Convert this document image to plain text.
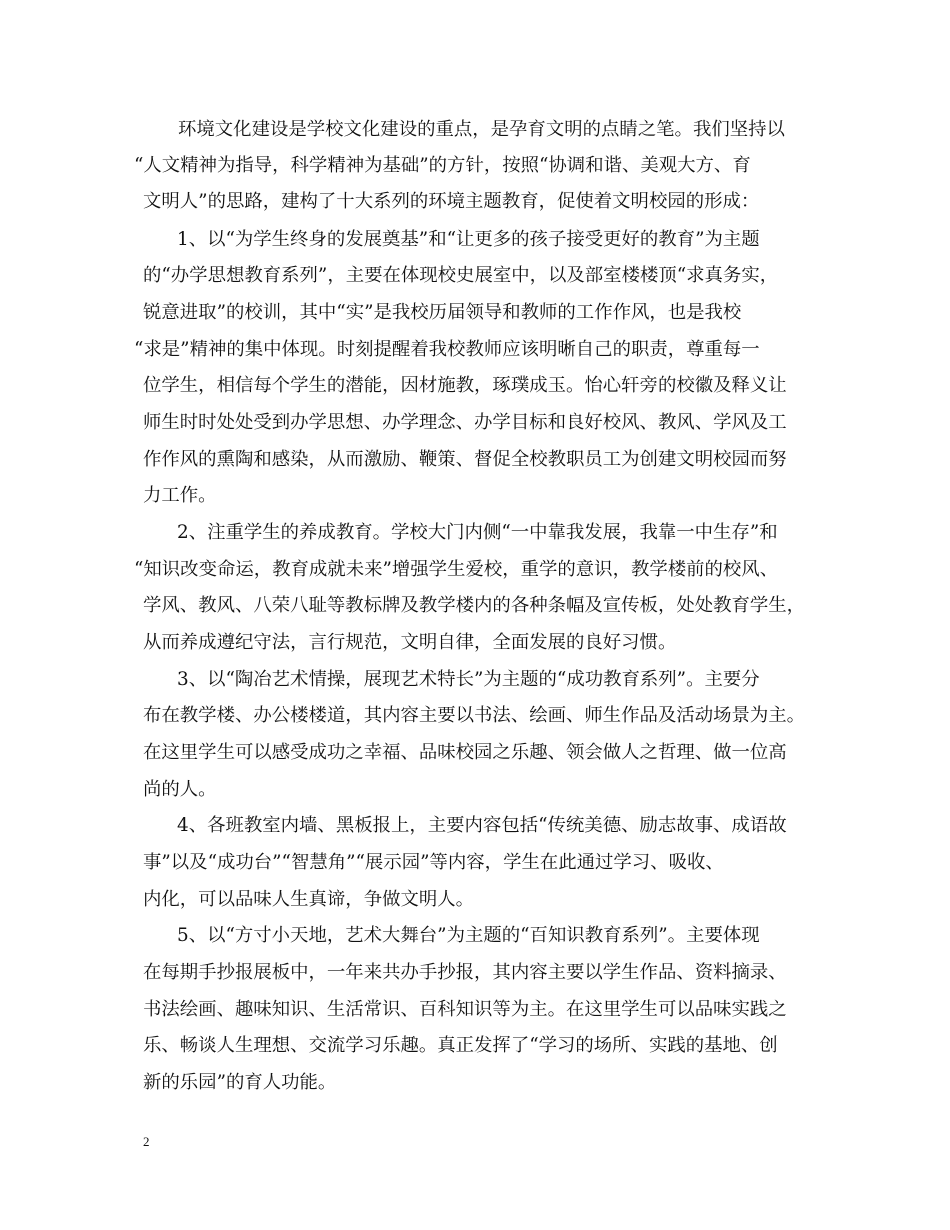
环境文化建设是学校文化建设的重点，是孕育文明的点睛之笔。我们坚持以
“人文精神为指导，科学精神为基础”的方针，按照“协调和谐、美观大方、育
文明人”的思路，建构了十大系列的环境主题教育，促使着文明校园的形成：
1、以“为学生终身的发展奠基”和“让更多的孩子接受更好的教育”为主题
的“办学思想教育系列”，主要在体现校史展室中，以及部室楼楼顶“求真务实，
锐意进取”的校训，其中“实”是我校历届领导和教师的工作作风，也是我校
“求是”精神的集中体现。时刻提醒着我校教师应该明晰自己的职责，尊重每一
位学生，相信每个学生的潜能，因材施教，琢璞成玉。怡心轩旁的校徽及释义让
师生时时处处受到办学思想、办学理念、办学目标和良好校风、教风、学风及工
作作风的熏陶和感染，从而激励、鞭策、督促全校教职员工为创建文明校园而努
力工作。
2、注重学生的养成教育。学校大门内侧“一中靠我发展，我靠一中生存”和
“知识改变命运，教育成就未来”增强学生爱校，重学的意识，教学楼前的校风、
学风、教风、八荣八耻等教标牌及教学楼内的各种条幅及宣传板，处处教育学生，
从而养成遵纪守法，言行规范，文明自律，全面发展的良好习惯。
3、以“陶冶艺术情操，展现艺术特长”为主题的“成功教育系列”。主要分
布在教学楼、办公楼楼道，其内容主要以书法、绘画、师生作品及活动场景为主。
在这里学生可以感受成功之幸福、品味校园之乐趣、领会做人之哲理、做一位高
尚的人。
4、各班教室内墙、黑板报上，主要内容包括“传统美德、励志故事、成语故
事”以及“成功台”“智慧角”“展示园”等内容，学生在此通过学习、吸收、
内化，可以品味人生真谛，争做文明人。
5、以“方寸小天地，艺术大舞台”为主题的“百知识教育系列”。主要体现
在每期手抄报展板中，一年来共办手抄报，其内容主要以学生作品、资料摘录、
书法绘画、趣味知识、生活常识、百科知识等为主。在这里学生可以品味实践之
乐、畅谈人生理想、交流学习乐趣。真正发挥了“学习的场所、实践的基地、创
新的乐园”的育人功能。
2
